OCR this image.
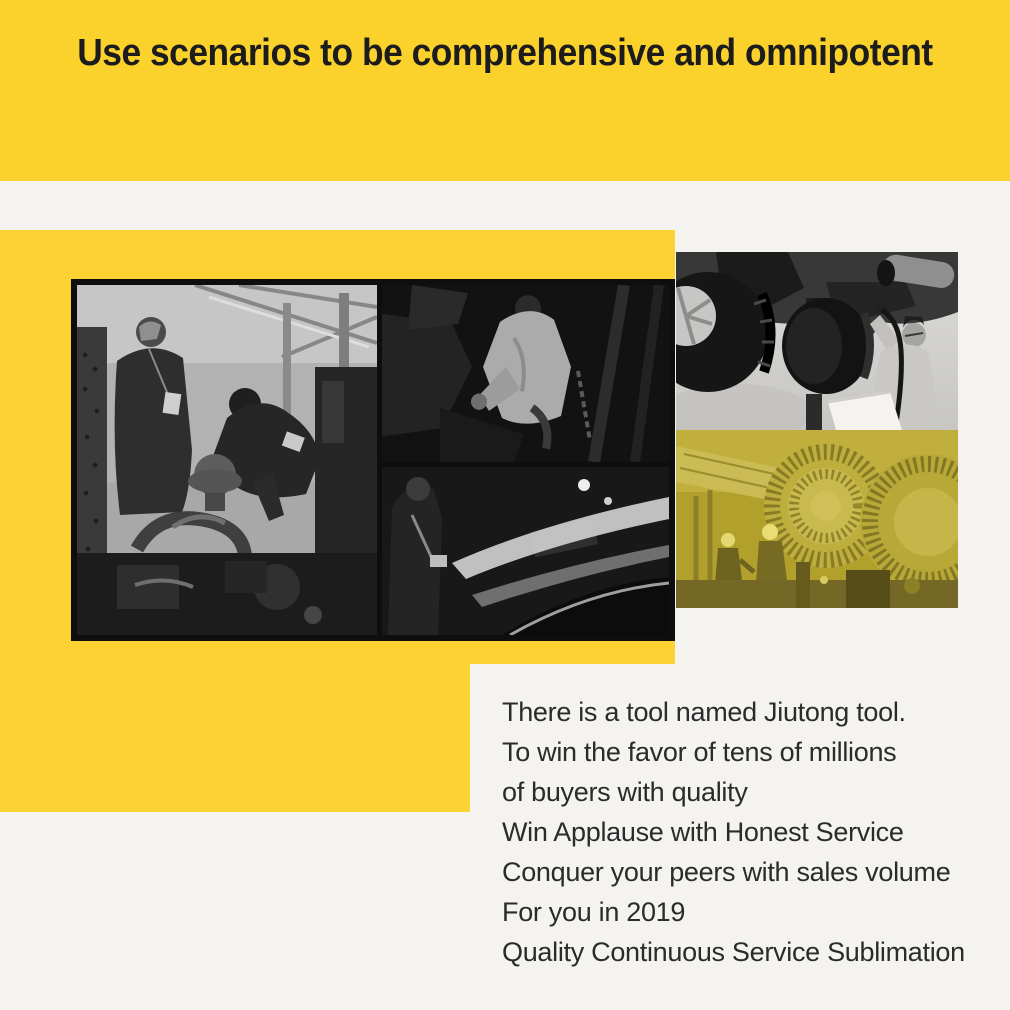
Use scenarios to be comprehensive and omnipotent

There is a tool named Jiutong tool.

To win the favor of tens of millions

of buyers with quality

Win Applause with Honest Service

Conquer your peers with sales volume

For you in 2019

Quality Continuous Service Sublimation
